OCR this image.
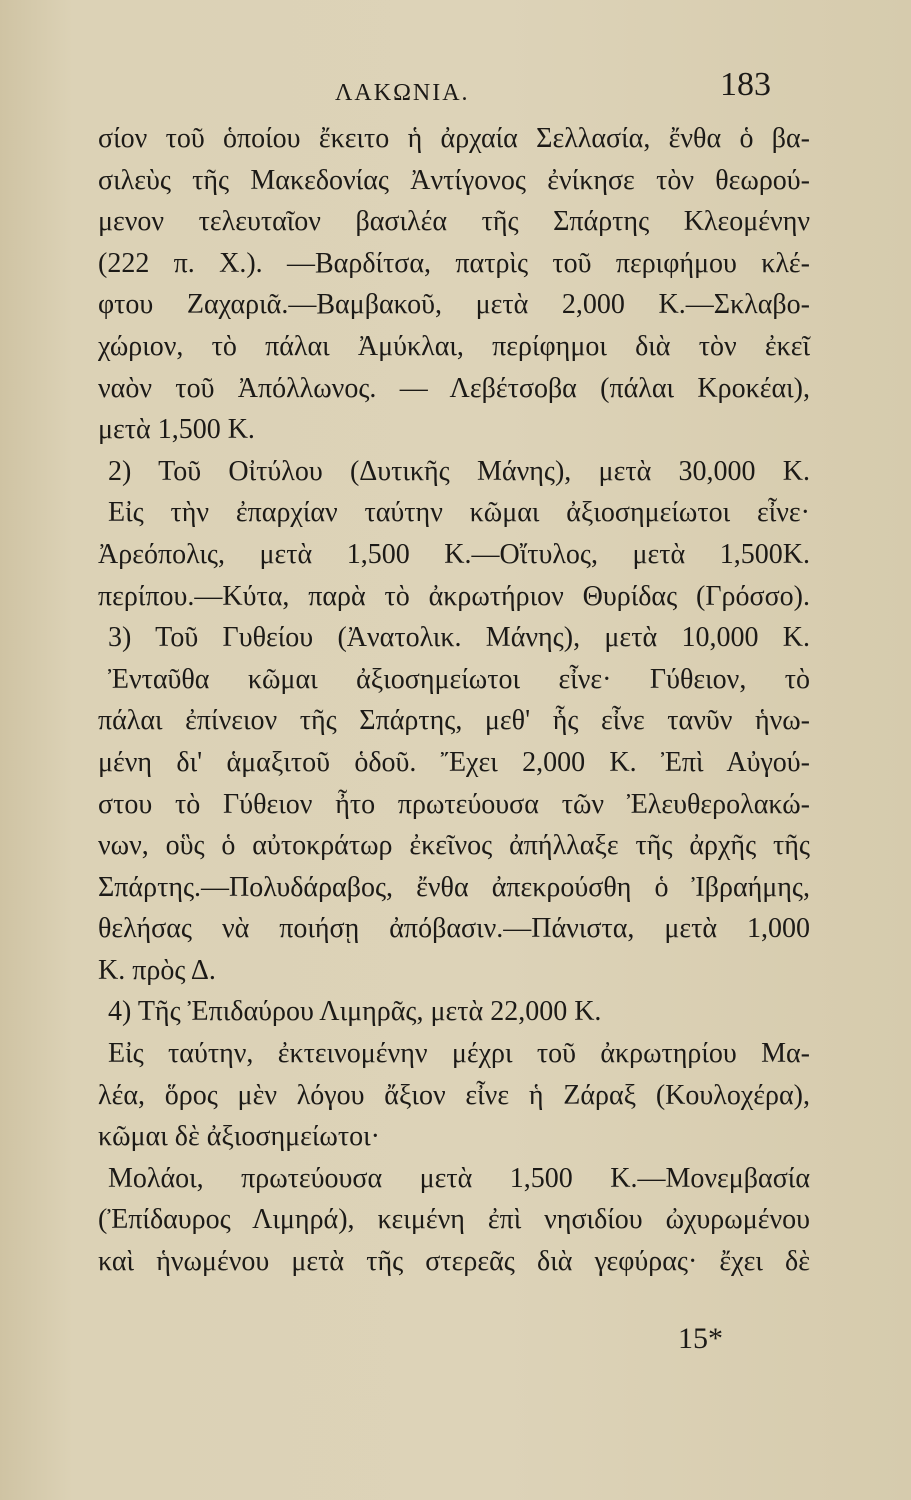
ΛΑΚΩΝΙΑ.	183
σίον τοῦ ὁποίου ἔκειτο ἡ ἀρχαία Σελλασία, ἔνθα ὁ βα-
σιλεὺς τῆς Μακεδονίας Ἀντίγονος ἐνίκησε τὸν θεωρού-
μενον τελευταῖον βασιλέα τῆς Σπάρτης Κλεομένην
(222 π. Χ.). —Βαρδίτσα, πατρὶς τοῦ περιφήμου κλέ-
φτου Ζαχαριᾶ.—Βαμβακοῦ, μετὰ 2,000 Κ.—Σκλαβο-
χώριον, τὸ πάλαι Ἀμύκλαι, περίφημοι διὰ τὸν ἐκεῖ
ναὸν τοῦ Ἀπόλλωνος. — Λεβέτσοβα (πάλαι Κροκέαι),
μετὰ 1,500 Κ.
2) Τοῦ Οἰτύλου (Δυτικῆς Μάνης), μετὰ 30,000 Κ.
Εἰς τὴν ἐπαρχίαν ταύτην κῶμαι ἀξιοσημείωτοι εἶνε·
Ἀρεόπολις, μετὰ 1,500 Κ.—Οἴτυλος, μετὰ 1,500Κ.
περίπου.—Κύτα, παρὰ τὸ ἀκρωτήριον Θυρίδας (Γρόσσο).
3) Τοῦ Γυθείου (Ἀνατολικ. Μάνης), μετὰ 10,000 Κ.
Ἐνταῦθα κῶμαι ἀξιοσημείωτοι εἶνε· Γύθειον, τὸ
πάλαι ἐπίνειον τῆς Σπάρτης, μεθ' ἧς εἶνε τανῦν ἡνω-
μένη δι' ἁμαξιτοῦ ὁδοῦ. Ἔχει 2,000 Κ. Ἐπὶ Αὐγού-
στου τὸ Γύθειον ἦτο πρωτεύουσα τῶν Ἐλευθερολακώ-
νων, οὓς ὁ αὐτοκράτωρ ἐκεῖνος ἀπήλλαξε τῆς ἀρχῆς τῆς
Σπάρτης.—Πολυδάραβος, ἔνθα ἀπεκρούσθη ὁ Ἰβραήμης,
θελήσας νὰ ποιήσῃ ἀπόβασιν.—Πάνιστα, μετὰ 1,000
Κ. πρὸς Δ.
4) Τῆς Ἐπιδαύρου Λιμηρᾶς, μετὰ 22,000 Κ.
Εἰς ταύτην, ἐκτεινομένην μέχρι τοῦ ἀκρωτηρίου Μα-
λέα, ὅρος μὲν λόγου ἄξιον εἶνε ἡ Ζάραξ (Κουλοχέρα),
κῶμαι δὲ ἀξιοσημείωτοι·
Μολάοι, πρωτεύουσα μετὰ 1,500 Κ.—Μονεμβασία
(Ἐπίδαυρος Λιμηρά), κειμένη ἐπὶ νησιδίου ὠχυρωμένου
καὶ ἡνωμένου μετὰ τῆς στερεᾶς διὰ γεφύρας· ἔχει δὲ
15*
